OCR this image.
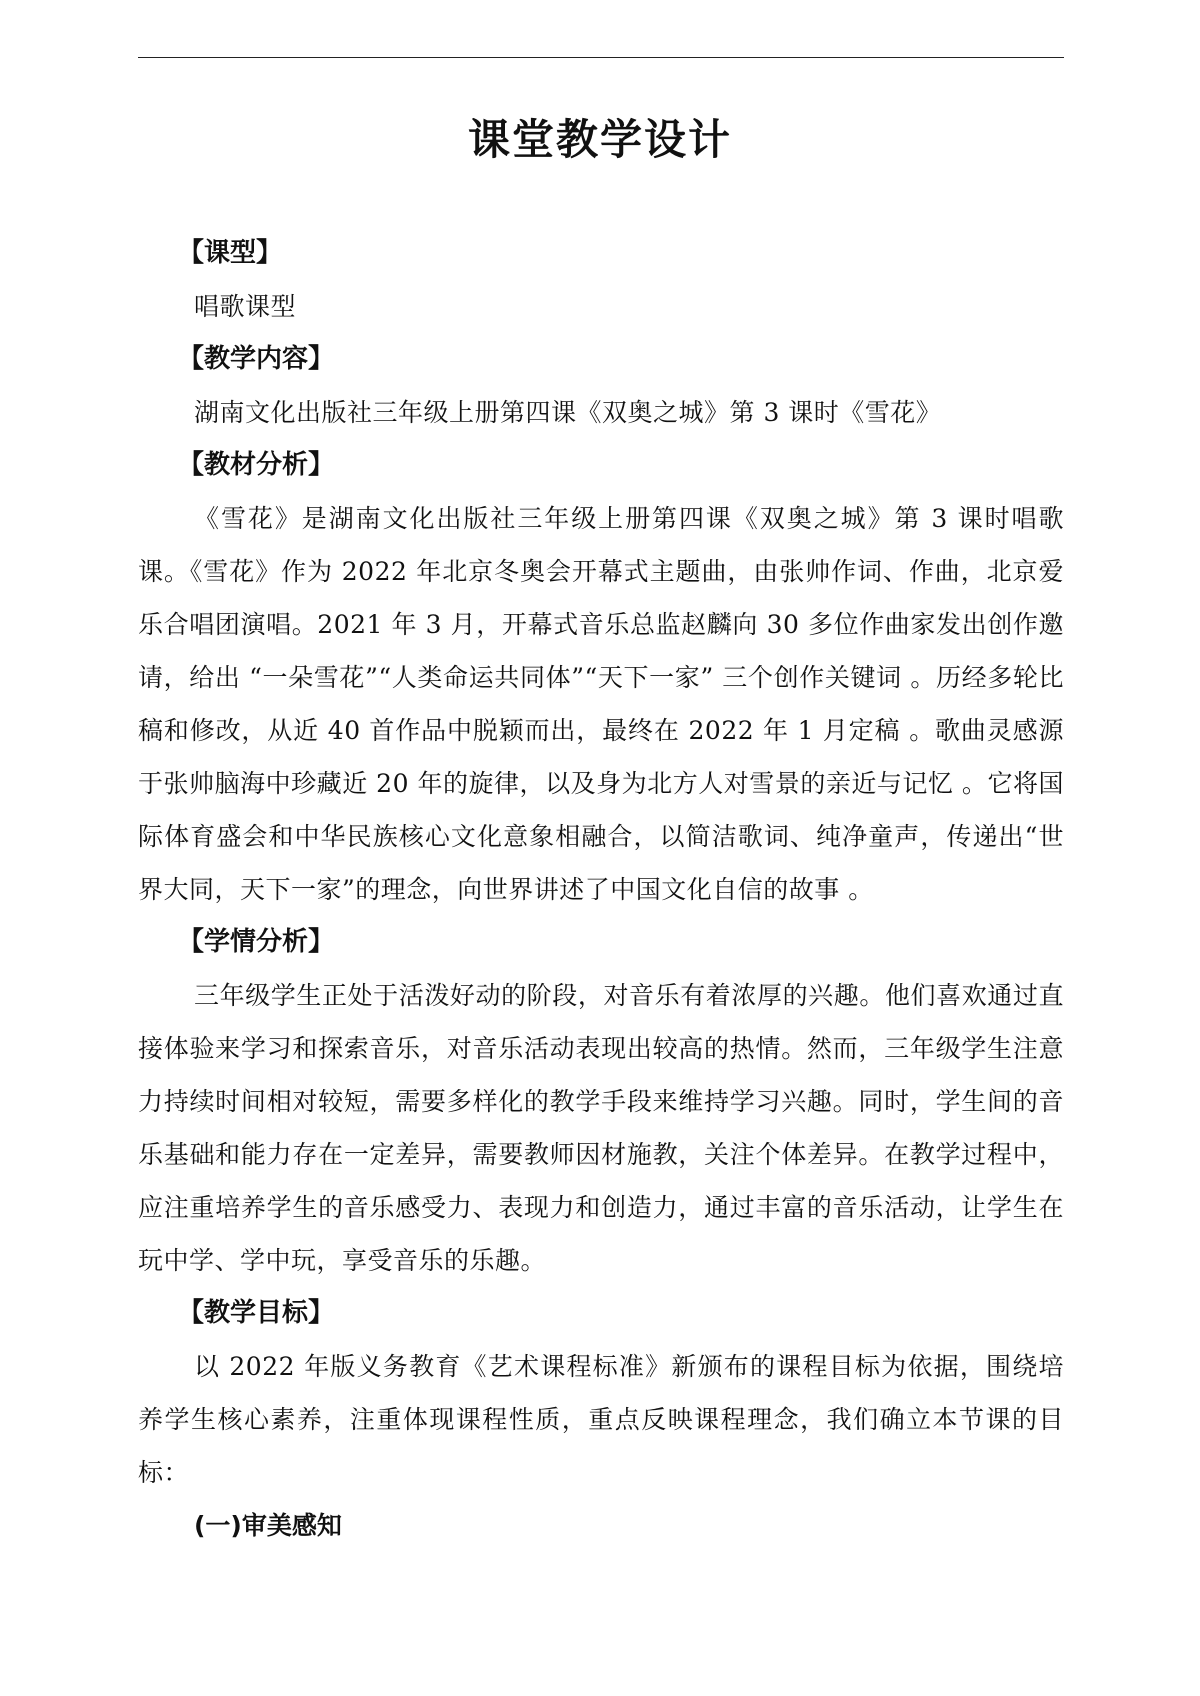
课堂教学设计

【课型】

唱歌课型

【教学内容】

湖南文化出版社三年级上册第四课《双奥之城》第 3 课时《雪花》

【教材分析】

《雪花》是湖南文化出版社三年级上册第四课《双奥之城》第 3 课时唱歌课。《雪花》作为 2022 年北京冬奥会开幕式主题曲，由张帅作词、作曲，北京爱乐合唱团演唱。2021 年 3 月，开幕式音乐总监赵麟向 30 多位作曲家发出创作邀请，给出 “一朵雪花”“人类命运共同体”“天下一家” 三个创作关键词 。历经多轮比稿和修改，从近 40 首作品中脱颖而出，最终在 2022 年 1 月定稿 。歌曲灵感源于张帅脑海中珍藏近 20 年的旋律，以及身为北方人对雪景的亲近与记忆 。它将国际体育盛会和中华民族核心文化意象相融合，以简洁歌词、纯净童声，传递出“世界大同，天下一家”的理念，向世界讲述了中国文化自信的故事 。

【学情分析】

三年级学生正处于活泼好动的阶段，对音乐有着浓厚的兴趣。他们喜欢通过直接体验来学习和探索音乐，对音乐活动表现出较高的热情。然而，三年级学生注意力持续时间相对较短，需要多样化的教学手段来维持学习兴趣。同时，学生间的音乐基础和能力存在一定差异，需要教师因材施教，关注个体差异。在教学过程中，应注重培养学生的音乐感受力、表现力和创造力，通过丰富的音乐活动，让学生在玩中学、学中玩，享受音乐的乐趣。

【教学目标】

以 2022 年版义务教育《艺术课程标准》新颁布的课程目标为依据，围绕培养学生核心素养，注重体现课程性质，重点反映课程理念，我们确立本节课的目标：

(一)审美感知
